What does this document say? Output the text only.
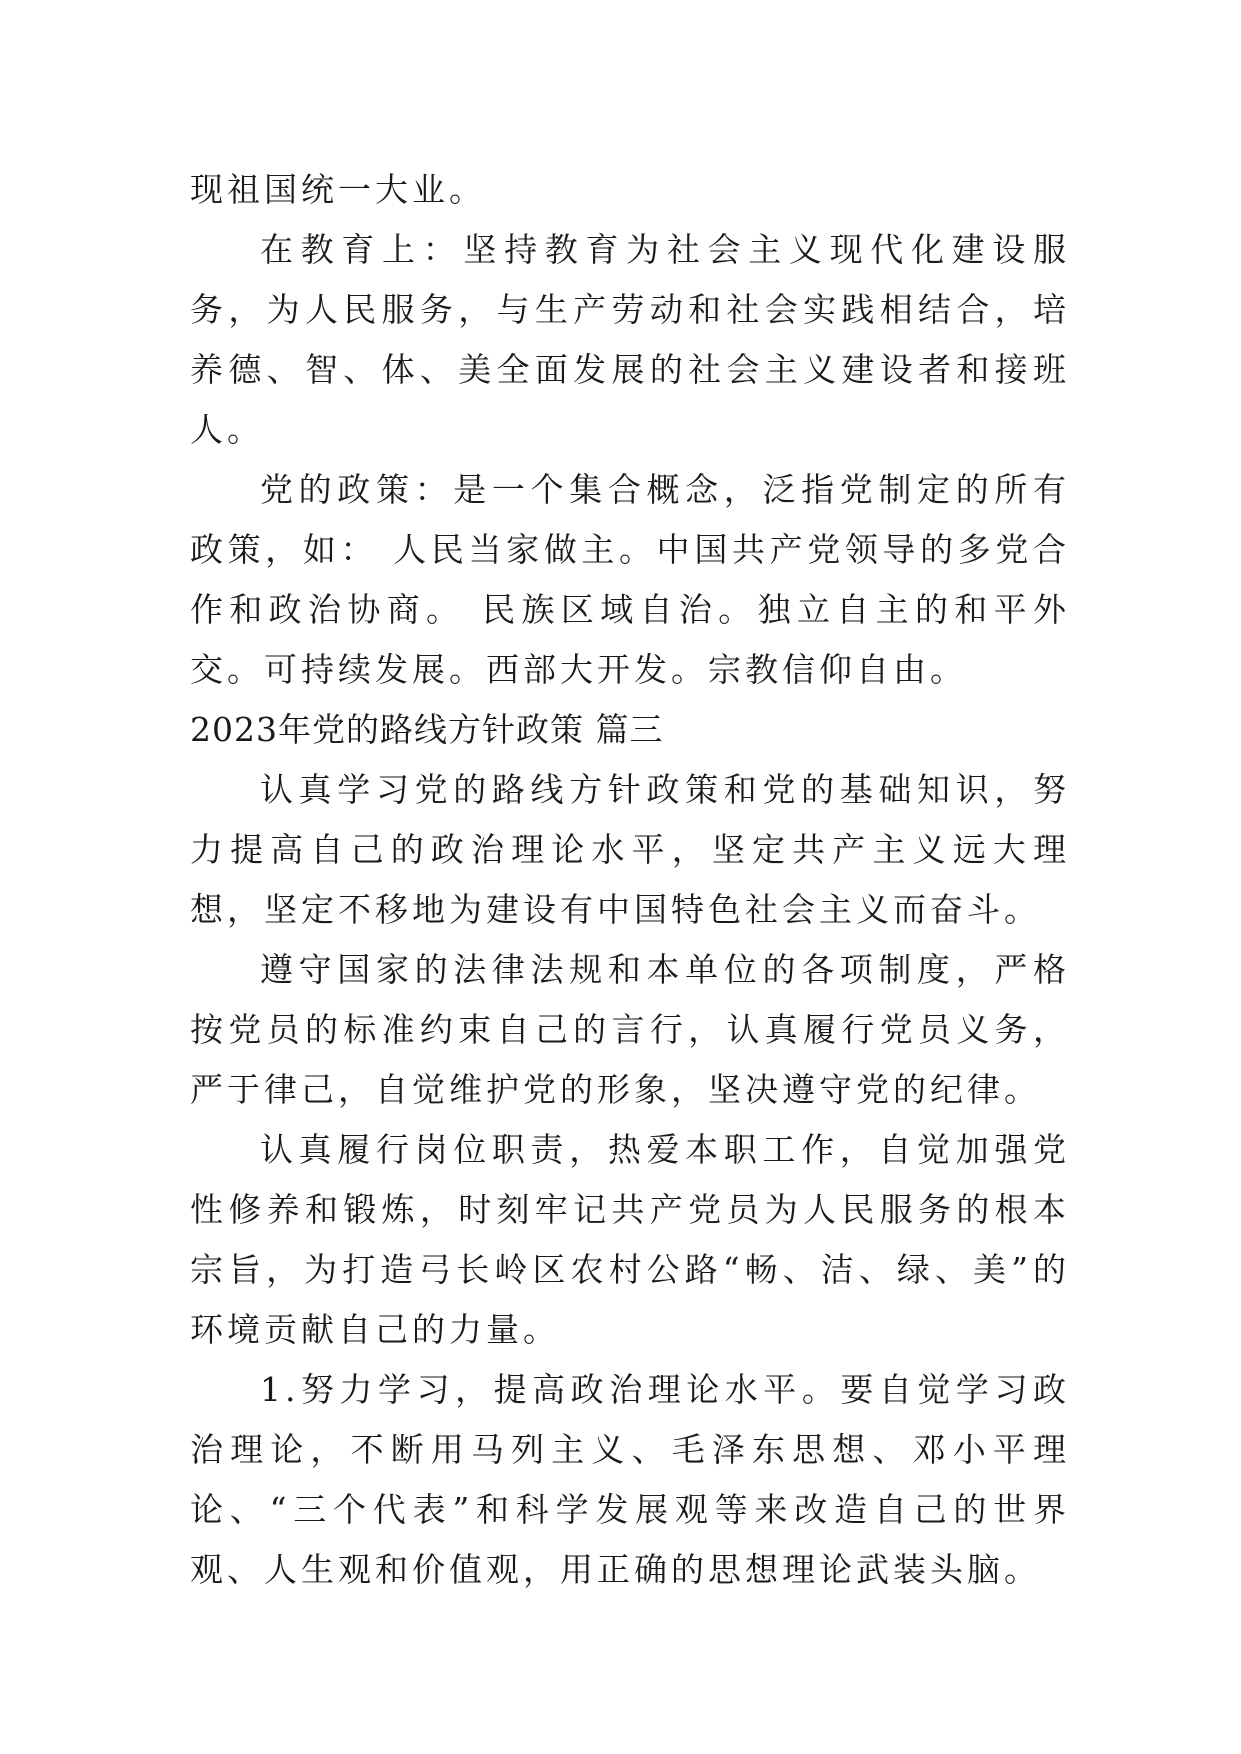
现祖国统一大业。

在教育上：坚持教育为社会主义现代化建设服务，为人民服务，与生产劳动和社会实践相结合，培养德、智、体、美全面发展的社会主义建设者和接班人。

党的政策：是一个集合概念，泛指党制定的所有政策，如： 人民当家做主。中国共产党领导的多党合作和政治协商。 民族区域自治。独立自主的和平外交。可持续发展。西部大开发。宗教信仰自由。

2023年党的路线方针政策 篇三

认真学习党的路线方针政策和党的基础知识，努力提高自己的政治理论水平，坚定共产主义远大理想，坚定不移地为建设有中国特色社会主义而奋斗。

遵守国家的法律法规和本单位的各项制度，严格按党员的标准约束自己的言行，认真履行党员义务，严于律己，自觉维护党的形象，坚决遵守党的纪律。

认真履行岗位职责，热爱本职工作，自觉加强党性修养和锻炼，时刻牢记共产党员为人民服务的根本宗旨，为打造弓长岭区农村公路“畅、洁、绿、美”的环境贡献自己的力量。

1.努力学习，提高政治理论水平。要自觉学习政治理论，不断用马列主义、毛泽东思想、邓小平理论、“三个代表”和科学发展观等来改造自己的世界观、人生观和价值观，用正确的思想理论武装头脑。
